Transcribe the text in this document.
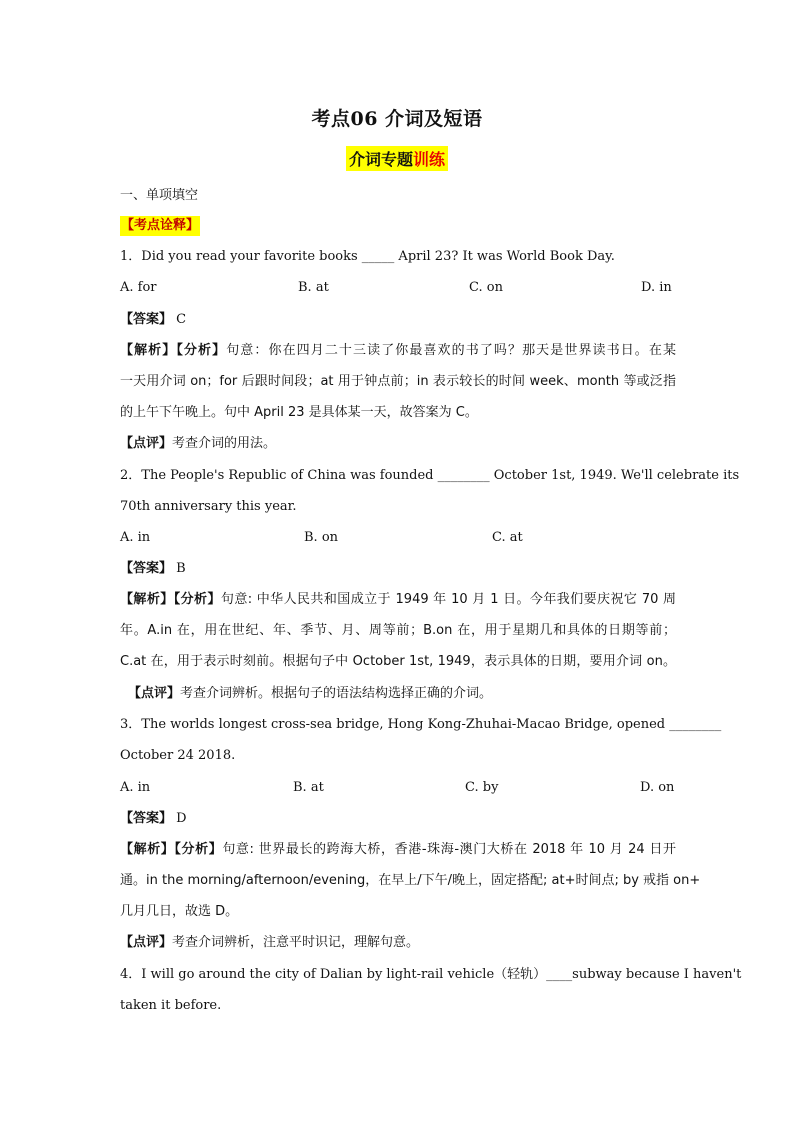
考点06 介词及短语
介词专题训练
一、单项填空
【考点诠释】
1．Did you read your favorite books _____ April 23? It was World Book Day.
A. for	B. at	C. on	D. in
【答案】 C
【解析】【分析】句意：你在四月二十三读了你最喜欢的书了吗？那天是世界读书日。在某
一天用介词 on；for 后跟时间段；at 用于钟点前；in 表示较长的时间 week、month 等或泛指
的上午下午晚上。句中 April 23 是具体某一天，故答案为 C。
【点评】考查介词的用法。
2．The People's Republic of China was founded ________ October 1st, 1949. We'll celebrate its
70th anniversary this year.
A. in	B. on	C. at
【答案】 B
【解析】【分析】句意: 中华人民共和国成立于 1949 年 10 月 1 日。今年我们要庆祝它 70 周
年。A.in 在，用在世纪、年、季节、月、周等前；B.on 在，用于星期几和具体的日期等前；
C.at 在，用于表示时刻前。根据句子中 October 1st, 1949，表示具体的日期，要用介词 on。
【点评】考查介词辨析。根据句子的语法结构选择正确的介词。
3．The worlds longest cross-sea bridge, Hong Kong-Zhuhai-Macao Bridge, opened ________
October 24 2018.
A. in	B. at	C. by	D. on
【答案】 D
【解析】【分析】句意: 世界最长的跨海大桥，香港-珠海-澳门大桥在 2018 年 10 月 24 日开
通。in the morning/afternoon/evening，在早上/下午/晚上，固定搭配; at+时间点; by 戒指 on+
几月几日，故选 D。
【点评】考查介词辨析，注意平时识记，理解句意。
4．I will go around the city of Dalian by light-rail vehicle（轻轨）____subway because I haven't
taken it before.
